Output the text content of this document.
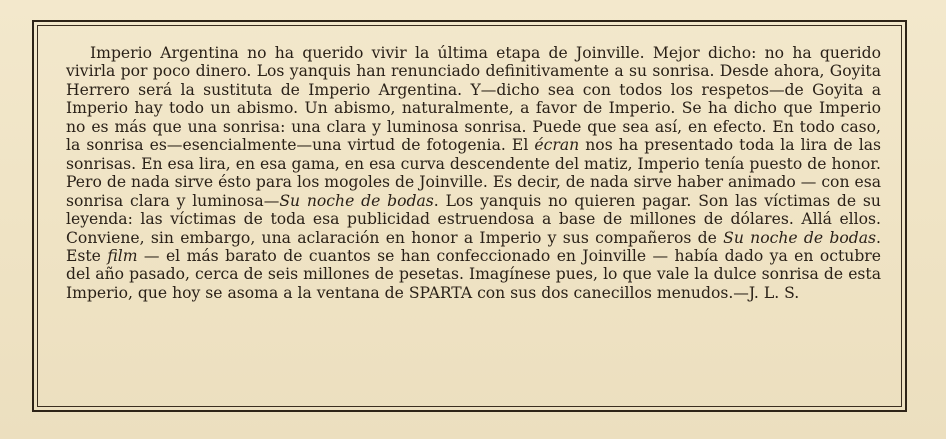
Imperio Argentina no ha querido vivir la última etapa de Joinville. Mejor dicho: no ha querido vivirla por poco dinero. Los yanquis han renunciado definitivamente a su sonrisa. Desde ahora, Goyita Herrero será la sustituta de Imperio Argentina. Y—dicho sea con todos los respetos—de Goyita a Imperio hay todo un abismo. Un abismo, naturalmente, a favor de Imperio. Se ha dicho que Imperio no es más que una sonrisa: una clara y luminosa sonrisa. Puede que sea así, en efecto. En todo caso, la sonrisa es—esencialmente—una virtud de fotogenia. El écran nos ha presentado toda la lira de las sonrisas. En esa lira, en esa gama, en esa curva descendente del matiz, Imperio tenía puesto de honor. Pero de nada sirve ésto para los mogoles de Joinville. Es decir, de nada sirve haber animado — con esa sonrisa clara y luminosa—Su noche de bodas. Los yanquis no quieren pagar. Son las víctimas de su leyenda: las víctimas de toda esa publicidad estruendosa a base de millones de dólares. Allá ellos. Conviene, sin embargo, una aclaración en honor a Imperio y sus compañeros de Su noche de bodas. Este film — el más barato de cuantos se han confeccionado en Joinville — había dado ya en octubre del año pasado, cerca de seis millones de pesetas. Imagínese pues, lo que vale la dulce sonrisa de esta Imperio, que hoy se asoma a la ventana de SPARTA con sus dos canecillos menudos.—J. L. S.
